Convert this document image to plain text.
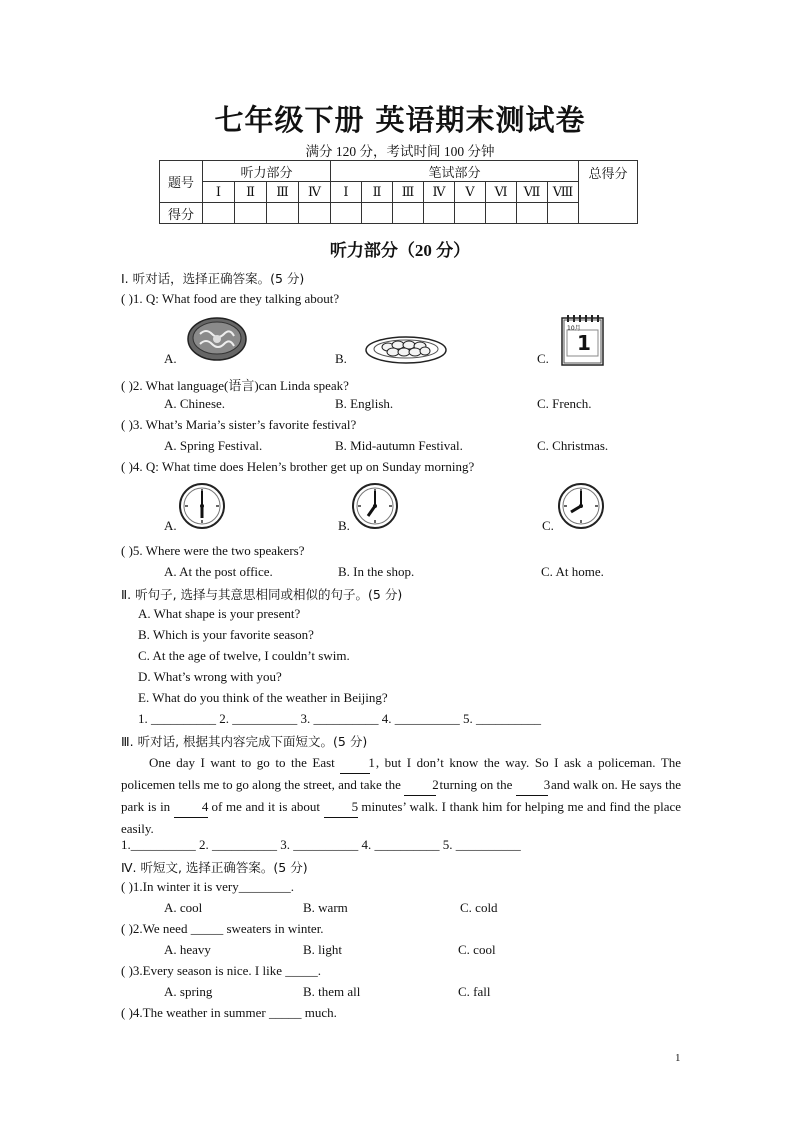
七年级下册 英语期末测试卷
满分 120 分，考试时间 100 分钟
题号	听力部分				笔试部分								总得分
	Ⅰ	Ⅱ	Ⅲ	Ⅳ	Ⅰ	Ⅱ	Ⅲ	Ⅳ	Ⅴ	Ⅵ	Ⅶ	Ⅷ	
得分													
听力部分（20 分）
Ⅰ. 听对话，选择正确答案。(5 分)
( )1. Q: What food are they talking about?
A.	B.	C.
10月
1
( )2. What language(语言)can Linda speak?
A. Chinese.	B. English.	C. French.
( )3. What’s Maria’s sister’s favorite festival?
A. Spring Festival.	B. Mid-autumn Festival.	C. Christmas.
( )4. Q: What time does Helen’s brother get up on Sunday morning?
A.	B.	C.
( )5. Where were the two speakers?
A. At the post office.	B. In the shop.	C. At home.
Ⅱ. 听句子, 选择与其意思相同或相似的句子。(5 分)
A. What shape is your present?
B. Which is your favorite season?
C. At the age of twelve, I couldn’t swim.
D. What’s wrong with you?
E. What do you think of the weather in Beijing?
1. __________ 2. __________ 3. __________ 4. __________ 5. __________
Ⅲ. 听对话, 根据其内容完成下面短文。(5 分)
One day I want to go to the East	1 , but I don’t know the way. So I ask a policeman. The policemen tells me to go along the street, and take the 2 turning on the 3 and walk on. He says the park is in 4 of me and it is about 5 minutes’ walk. I thank him for helping me and find the place easily.
1.__________ 2. __________ 3. __________ 4. __________ 5. __________
Ⅳ. 听短文, 选择正确答案。(5 分)
( )1.In winter it is very________.
A. cool	B. warm	C. cold
( )2.We need _____ sweaters in winter.
A. heavy	B. light	C. cool
( )3.Every season is nice. I like _____.
A. spring	B. them all	C. fall
( )4.The weather in summer _____ much.
1
